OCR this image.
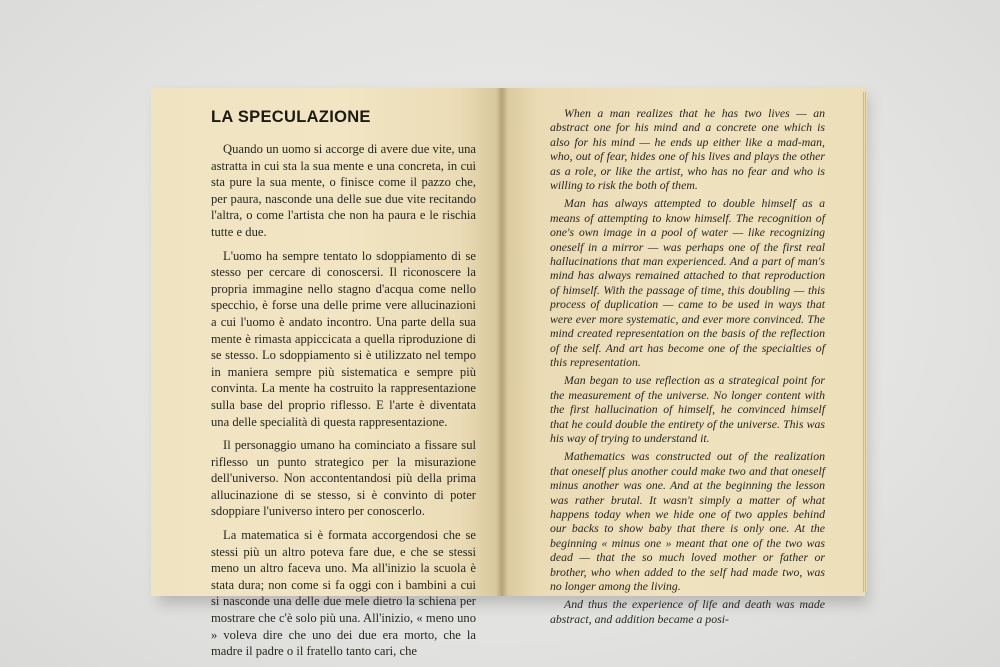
LA SPECULAZIONE

Quando un uomo si accorge di avere due vite, una astratta in cui sta la sua mente e una concreta, in cui sta pure la sua mente, o finisce come il pazzo che, per paura, nasconde una delle sue due vite recitando l'altra, o come l'artista che non ha paura e le rischia tutte e due.

L'uomo ha sempre tentato lo sdoppiamento di se stesso per cercare di conoscersi. Il riconoscere la propria immagine nello stagno d'acqua come nello specchio, è forse una delle prime vere allucinazioni a cui l'uomo è andato incontro. Una parte della sua mente è rimasta appiccicata a quella riproduzione di se stesso. Lo sdoppiamento si è utilizzato nel tempo in maniera sempre più sistematica e sempre più convinta. La mente ha costruito la rappresentazione sulla base del proprio riflesso. E l'arte è diventata una delle specialità di questa rappresentazione.

Il personaggio umano ha cominciato a fissare sul riflesso un punto strategico per la misurazione dell'universo. Non accontentandosi più della prima allucinazione di se stesso, si è convinto di poter sdoppiare l'universo intero per conoscerlo.

La matematica si è formata accorgendosi che se stessi più un altro poteva fare due, e che se stessi meno un altro faceva uno. Ma all'inizio la scuola è stata dura; non come si fa oggi con i bambini a cui si nasconde una delle due mele dietro la schiena per mostrare che c'è solo più una. All'inizio, « meno uno » voleva dire che uno dei due era morto, che la madre il padre o il fratello tanto cari, che

When a man realizes that he has two lives — an abstract one for his mind and a concrete one which is also for his mind — he ends up either like a mad-man, who, out of fear, hides one of his lives and plays the other as a role, or like the artist, who has no fear and who is willing to risk the both of them.

Man has always attempted to double himself as a means of attempting to know himself. The recognition of one's own image in a pool of water — like recognizing oneself in a mirror — was perhaps one of the first real hallucinations that man experienced. And a part of man's mind has always remained attached to that reproduction of himself. With the passage of time, this doubling — this process of duplication — came to be used in ways that were ever more systematic, and ever more convinced. The mind created representation on the basis of the reflection of the self. And art has become one of the specialties of this representation.

Man began to use reflection as a strategical point for the measurement of the universe. No longer content with the first hallucination of himself, he convinced himself that he could double the entirety of the universe. This was his way of trying to understand it.

Mathematics was constructed out of the realization that oneself plus another could make two and that oneself minus another was one. And at the beginning the lesson was rather brutal. It wasn't simply a matter of what happens today when we hide one of two apples behind our backs to show baby that there is only one. At the beginning « minus one » meant that one of the two was dead — that the so much loved mother or father or brother, who when added to the self had made two, was no longer among the living.

And thus the experience of life and death was made abstract, and addition became a posi-
